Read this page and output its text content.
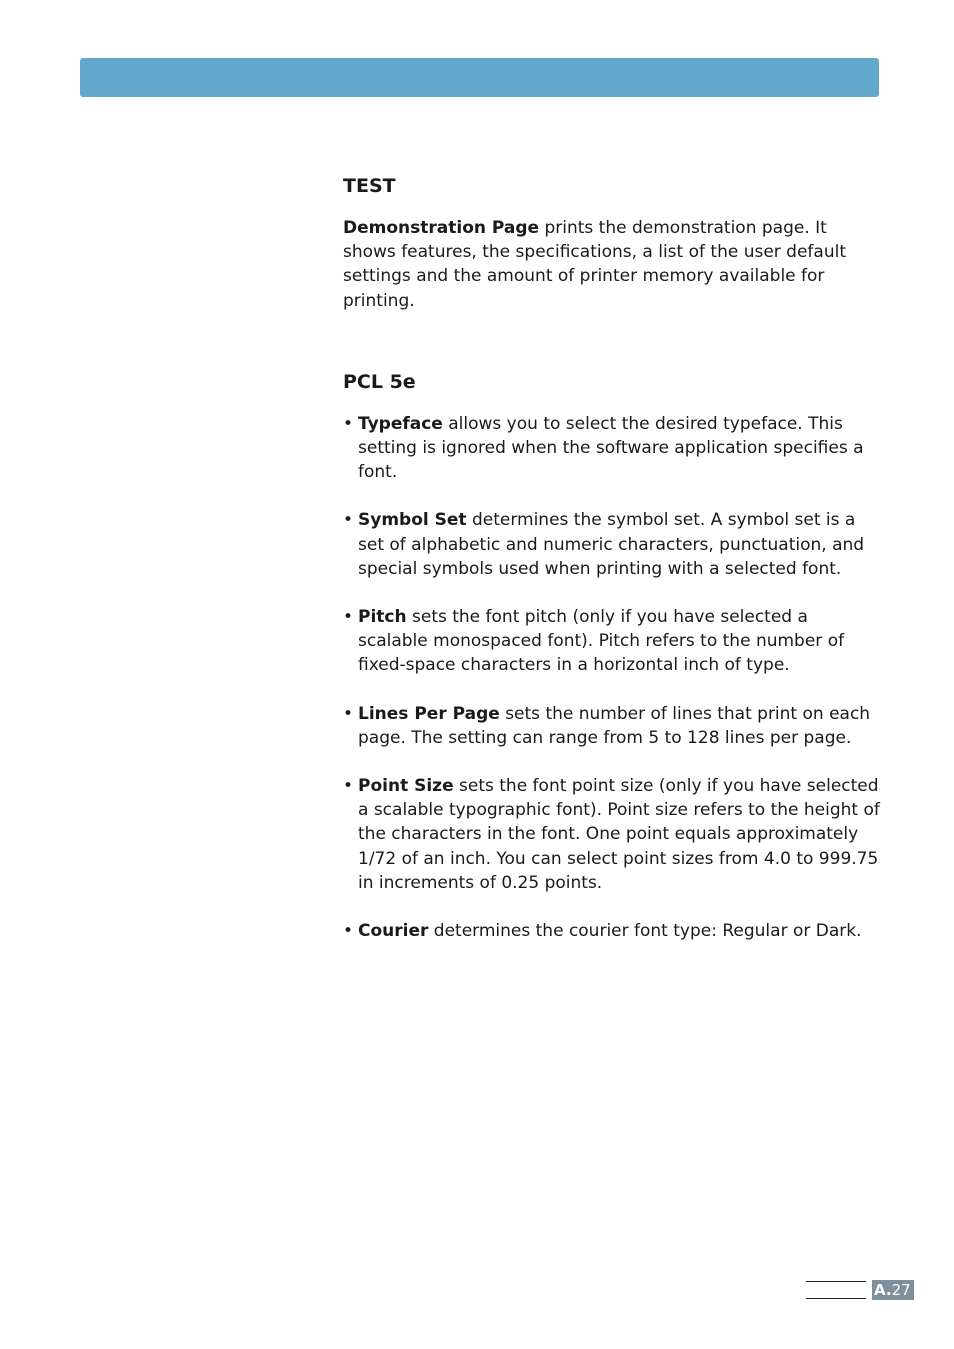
TEST

Demonstration Page prints the demonstration page. It shows features, the specifications, a list of the user default settings and the amount of printer memory available for printing.

PCL 5e
• Typeface allows you to select the desired typeface. This setting is ignored when the software application specifies a font.
• Symbol Set determines the symbol set. A symbol set is a set of alphabetic and numeric characters, punctuation, and special symbols used when printing with a selected font.
• Pitch sets the font pitch (only if you have selected a scalable monospaced font). Pitch refers to the number of fixed-space characters in a horizontal inch of type.
• Lines Per Page sets the number of lines that print on each page. The setting can range from 5 to 128 lines per page.
• Point Size sets the font point size (only if you have selected a scalable typographic font). Point size refers to the height of the characters in the font. One point equals approximately 1/72 of an inch. You can select point sizes from 4.0 to 999.75 in increments of 0.25 points.
• Courier determines the courier font type: Regular or Dark.
A.27
